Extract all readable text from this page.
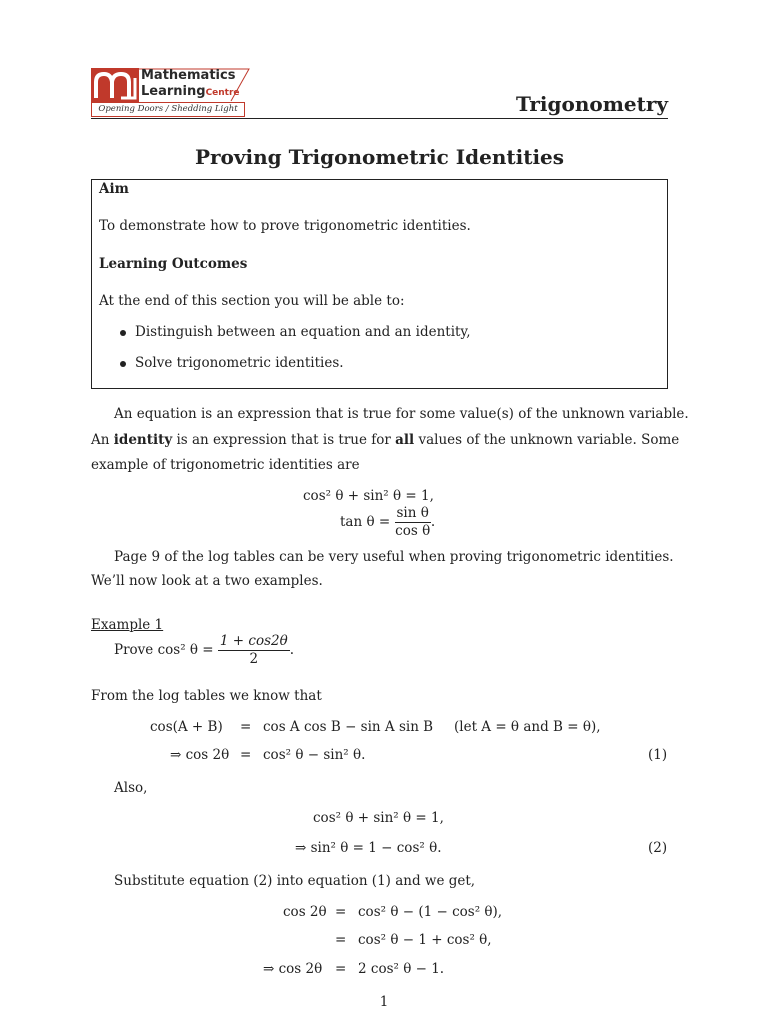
Mathematics
LearningCentre
Opening Doors / Shedding Light	Trigonometry
Proving Trigonometric Identities
Aim
To demonstrate how to prove trigonometric identities.
Learning Outcomes
At the end of this section you will be able to:
Distinguish between an equation and an identity,
Solve trigonometric identities.
An equation is an expression that is true for some value(s) of the unknown variable.
An identity is an expression that is true for all values of the unknown variable. Some
example of trigonometric identities are
cos² θ + sin² θ = 1,
$\tan \theta = \frac{\text{sin θ}}{\text{cos θ}}$ .
Page 9 of the log tables can be very useful when proving trigonometric identities.
We’ll now look at a two examples.
Example 1
Prove cos² $\theta = \frac{1 + \cos 2\theta}{2}$ .
From the log tables we know that
cos(A + B) = cos A cos B − sin A sin B (let A = θ and B = θ),
⇒ cos 2θ = cos² θ − sin² θ.	(1)
Also,
cos² θ + sin² θ = 1,
⇒ sin² θ = 1 − cos² θ.	(2)
Substitute equation (2) into equation (1) and we get,
cos 2θ = cos² θ − (1 − cos² θ),
= cos² θ − 1 + cos² θ,
⇒ cos 2θ = 2 cos² θ − 1.
1
